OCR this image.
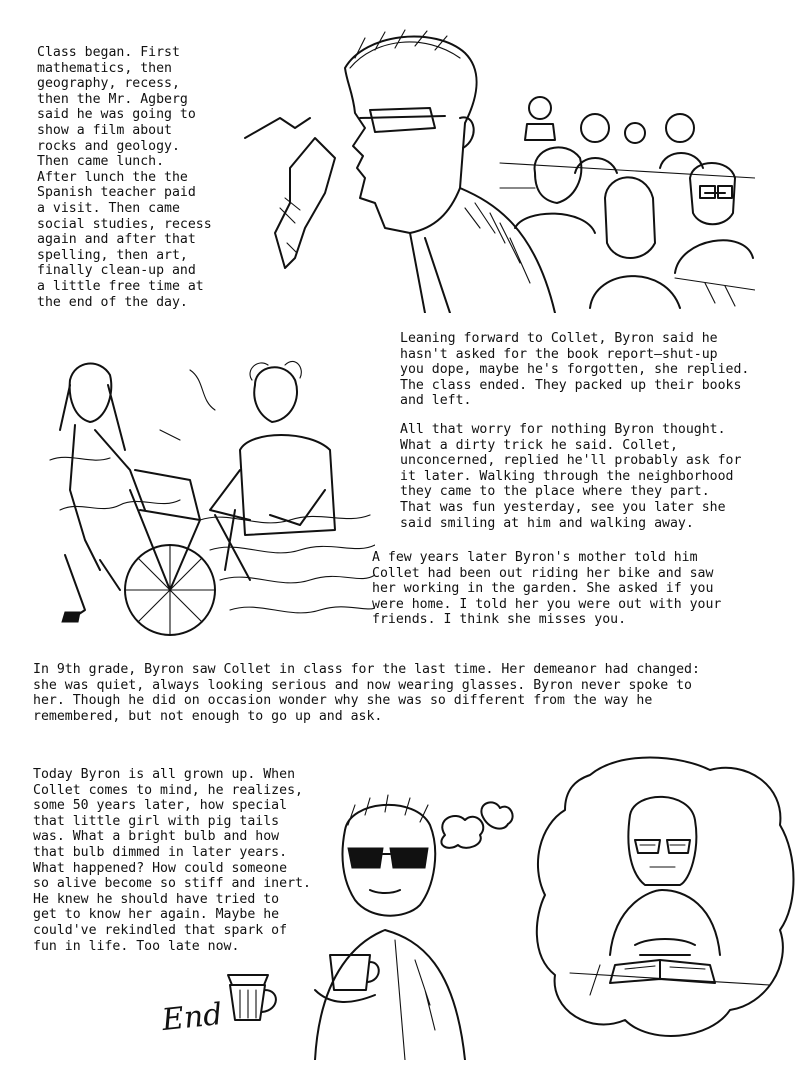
Class began. First
mathematics, then
geography, recess,
then the Mr. Agberg
said he was going to
show a film about
rocks and geology.
Then came lunch.
After lunch the the
Spanish teacher paid
a visit. Then came
social studies, recess
again and after that
spelling, then art,
finally clean-up and
a little free time at
the end of the day.
Leaning forward to Collet, Byron said he
hasn't asked for the book report—shut-up
you dope, maybe he's forgotten, she replied.
The class ended. They packed up their books
and left.
All that worry for nothing Byron thought.
What a dirty trick he said. Collet,
unconcerned, replied he'll probably ask for
it later. Walking through the neighborhood
they came to the place where they part.
That was fun yesterday, see you later she
said smiling at him and walking away.
A few years later Byron's mother told him
Collet had been out riding her bike and saw
her working in the garden. She asked if you
were home. I told her you were out with your
friends. I think she misses you.
In 9th grade, Byron saw Collet in class for the last time. Her demeanor had changed:
she was quiet, always looking serious and now wearing glasses. Byron never spoke to
her. Though he did on occasion wonder why she was so different from the way he
remembered, but not enough to go up and ask.
Today Byron is all grown up. When
Collet comes to mind, he realizes,
some 50 years later, how special
that little girl with pig tails
was. What a bright bulb and how
that bulb dimmed in later years.
What happened? How could someone
so alive become so stiff and inert.
He knew he should have tried to
get to know her again. Maybe he
could've rekindled that spark of
fun in life. Too late now.
End
